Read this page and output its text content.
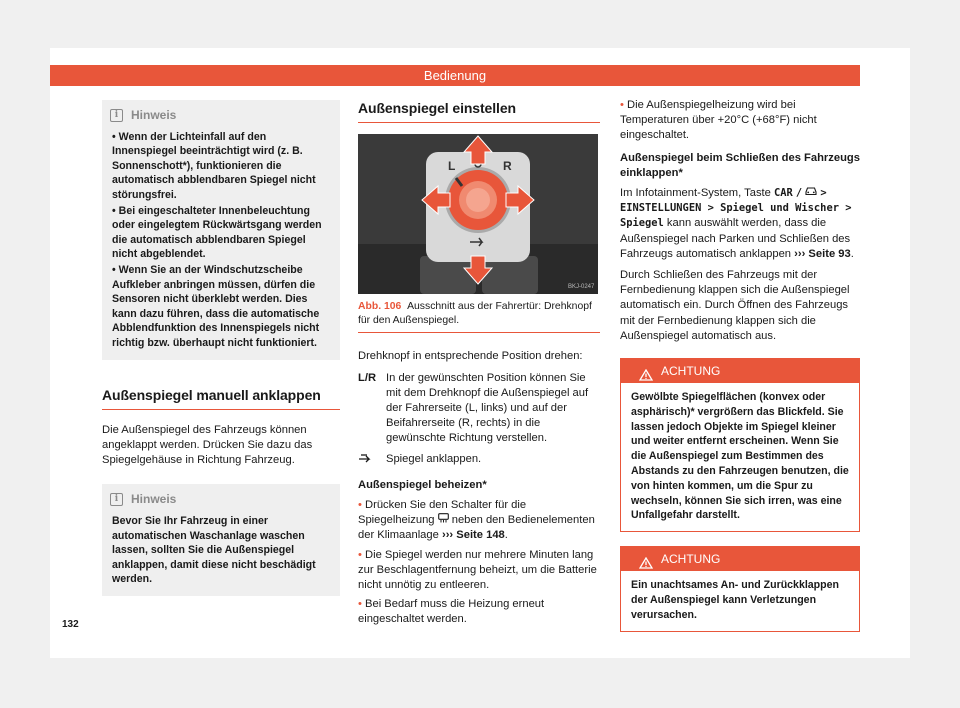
Bedienung
i	Hinweis

• Wenn der Lichteinfall auf den Innenspiegel beeinträchtigt wird (z. B. Sonnenschott*), funktionieren die automatisch abblendbaren Spiegel nicht störungsfrei.

• Bei eingeschalteter Innenbeleuchtung oder eingelegtem Rückwärtsgang werden die automatisch abblendbaren Spiegel nicht abgeblendet.

• Wenn Sie an der Windschutzscheibe Aufkleber anbringen müssen, dürfen die Sensoren nicht überklebt werden. Dies kann dazu führen, dass die automatische Abblendfunktion des Innenspiegels nicht richtig bzw. überhaupt nicht funktioniert.

Außenspiegel manuell anklappen

Die Außenspiegel des Fahrzeugs können angeklappt werden. Drücken Sie dazu das Spiegelgehäuse in Richtung Fahrzeug.

i	Hinweis

Bevor Sie Ihr Fahrzeug in einer automatischen Waschanlage waschen lassen, sollten Sie die Außenspiegel anklappen, damit diese nicht beschädigt werden.

Außenspiegel einstellen
L	R
BKJ-0247
Abb. 106 Ausschnitt aus der Fahrertür: Drehknopf für den Außenspiegel.

Drehknopf in entsprechende Position drehen:

L/R In der gewünschten Position können Sie mit dem Drehknopf die Außenspiegel auf der Fahrerseite (L, links) und auf der Beifahrerseite (R, rechts) in die gewünschte Richtung verstellen.
Spiegel anklappen.

Außenspiegel beheizen*

• Drücken Sie den Schalter für die Spiegelheizung neben den Bedienelementen der Klimaanlage ››› Seite 148.

• Die Spiegel werden nur mehrere Minuten lang zur Beschlagentfernung beheizt, um die Batterie nicht unnötig zu entleeren.

• Bei Bedarf muss die Heizung erneut eingeschaltet werden.

• Die Außenspiegelheizung wird bei Temperaturen über +20°C (+68°F) nicht eingeschaltet.

Außenspiegel beim Schließen des Fahrzeugs einklappen*

Im Infotainment-System, Taste CAR / > EINSTELLUNGEN > Spiegel und Wischer > Spiegel kann auswählt werden, dass die Außenspiegel nach Parken und Schließen des Fahrzeugs automatisch anklappen ››› Seite 93.

Durch Schließen des Fahrzeugs mit der Fernbedienung klappen sich die Außenspiegel automatisch ein. Durch Öffnen des Fahrzeugs mit der Fernbedienung klappen sich die Außenspiegel automatisch aus.

ACHTUNG
Gewölbte Spiegelflächen (konvex oder asphärisch)* vergrößern das Blickfeld. Sie lassen jedoch Objekte im Spiegel kleiner und weiter entfernt erscheinen. Wenn Sie die Außenspiegel zum Bestimmen des Abstands zu den Fahrzeugen benutzen, die von hinten kommen, um die Spur zu wechseln, können Sie sich irren, was eine Unfallgefahr darstellt.
ACHTUNG
Ein unachtsames An- und Zurückklappen der Außenspiegel kann Verletzungen verursachen.
132
